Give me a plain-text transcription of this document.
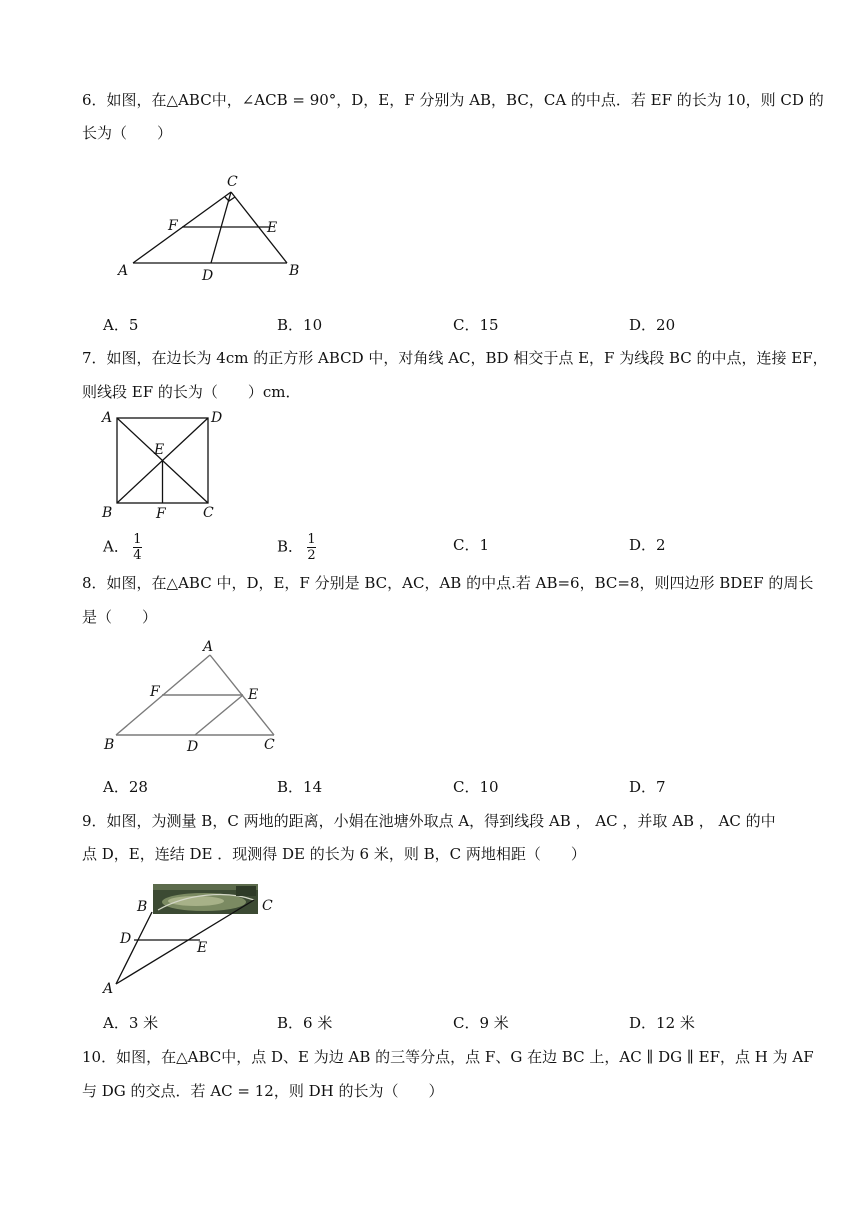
6．如图，在△ABC中，∠ACB = 90°，D，E，F 分别为 AB，BC，CA 的中点．若 EF 的长为 10，则 CD 的
长为（　　）
C
F	E
A	D	B
A．5	B．10	C．15	D．20
7．如图，在边长为 4cm 的正方形 ABCD 中，对角线 AC，BD 相交于点 E，F 为线段 BC 的中点，连接 EF，
则线段 EF 的长为（　　）cm．
A	D
E
B	F	C
A． $\frac{1}{4}$	B． $\frac{1}{2}$	C．1	D．2
8．如图，在△ABC 中，D，E，F 分别是 BC，AC，AB 的中点.若 AB=6，BC=8，则四边形 BDEF 的周长
是（　　）
A
F	E
B	D	C
A．28	B．14	C．10	D．7
9．如图，为测量 B，C 两地的距离，小娟在池塘外取点 A，得到线段 AB ， AC ，并取 AB ， AC 的中
点 D，E，连结 DE ．现测得 DE 的长为 6 米，则 B，C 两地相距（　　）
B	C
D
E
A
A．3 米	B．6 米	C．9 米	D．12 米
10．如图，在△ABC中，点 D、E 为边 AB 的三等分点，点 F、G 在边 BC 上，AC ∥ DG ∥ EF，点 H 为 AF
与 DG 的交点．若 AC = 12，则 DH 的长为（　　）
